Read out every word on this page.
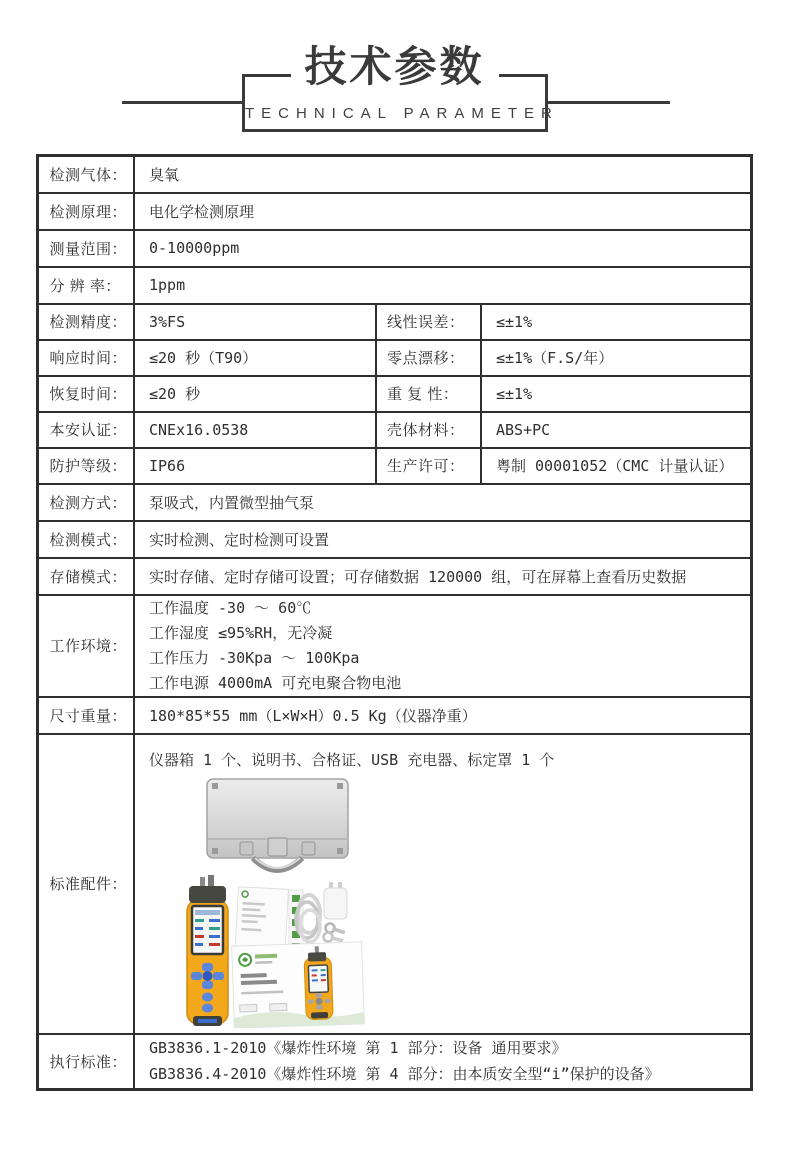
TECHNICAL PARAMETER
技术参数
检测气体：	臭氧		
检测原理：	电化学检测原理		
测量范围：	0-10000ppm		
分 辨 率：	1ppm		
检测精度：	3%FS	线性误差：	≤±1%
响应时间：	≤20 秒（T90）	零点漂移：	≤±1%（F.S/年）
恢复时间：	≤20 秒	重 复 性：	≤±1%
本安认证：	CNEx16.0538	壳体材料：	ABS+PC
防护等级：	IP66	生产许可：	粤制 00001052（CMC 计量认证）
检测方式：	泵吸式，内置微型抽气泵		
检测模式：	实时检测、定时检测可设置		
存储模式：	实时存储、定时存储可设置；可存储数据 120000 组，可在屏幕上查看历史数据		
工作环境：	工作温度 -30 ～ 60℃
工作湿度 ≤95%RH，无冷凝
工作压力 -30Kpa ～ 100Kpa
工作电源 4000mA 可充电聚合物电池		

尺寸重量：	180*85*55 mm（L×W×H）0.5 Kg（仪器净重）		
标准配件：	仪器箱 1 个、说明书、合格证、USB 充电器、标定罩 1 个		

执行标准：	GB3836.1-2010《爆炸性环境 第 1 部分：设备 通用要求》
GB3836.4-2010《爆炸性环境 第 4 部分：由本质安全型“i”保护的设备》		
